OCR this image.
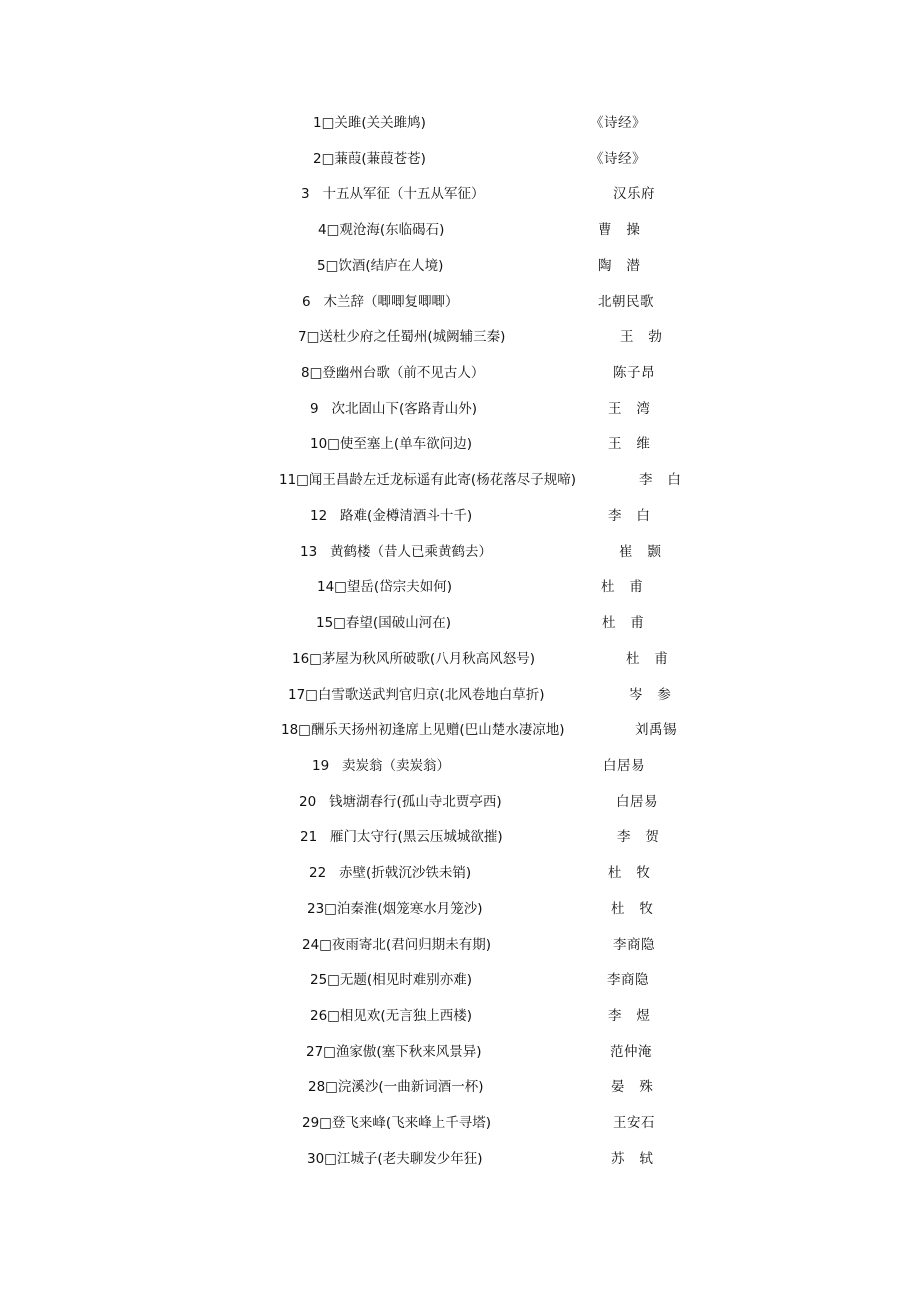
1□关雎(关关雎鸠)	《诗经》
2□蒹葭(蒹葭苍苍)	《诗经》
3   十五从军征（十五从军征）	汉乐府
4□观沧海(东临碣石)	曹   操
5□饮酒(结庐在人境)	陶   潜
6   木兰辞（唧唧复唧唧）	北朝民歌
7□送杜少府之任蜀州(城阙辅三秦)	王   勃
8□登幽州台歌（前不见古人）	陈子昂
9   次北固山下(客路青山外)	王   湾
10□使至塞上(单车欲问边)	王   维
11□闻王昌龄左迁龙标遥有此寄(杨花落尽子规啼)	李   白
12   路难(金樽清酒斗十千)	李   白
13   黄鹤楼（昔人已乘黄鹤去）	崔   颢
14□望岳(岱宗夫如何)	杜   甫
15□春望(国破山河在)	杜   甫
16□茅屋为秋风所破歌(八月秋高风怒号)	杜   甫
17□白雪歌送武判官归京(北风卷地白草折)	岑   参
18□酬乐天扬州初逢席上见赠(巴山楚水凄凉地)	刘禹锡
19   卖炭翁（卖炭翁）	白居易
20   钱塘湖春行(孤山寺北贾亭西)	白居易
21   雁门太守行(黑云压城城欲摧)	李   贺
22   赤壁(折戟沉沙铁未销)	杜   牧
23□泊秦淮(烟笼寒水月笼沙)	杜   牧
24□夜雨寄北(君问归期未有期)	李商隐
25□无题(相见时难别亦难)	李商隐
26□相见欢(无言独上西楼)	李   煜
27□渔家傲(塞下秋来风景异)	范仲淹
28□浣溪沙(一曲新词酒一杯)	晏   殊
29□登飞来峰(飞来峰上千寻塔)	王安石
30□江城子(老夫聊发少年狂)	苏   轼
